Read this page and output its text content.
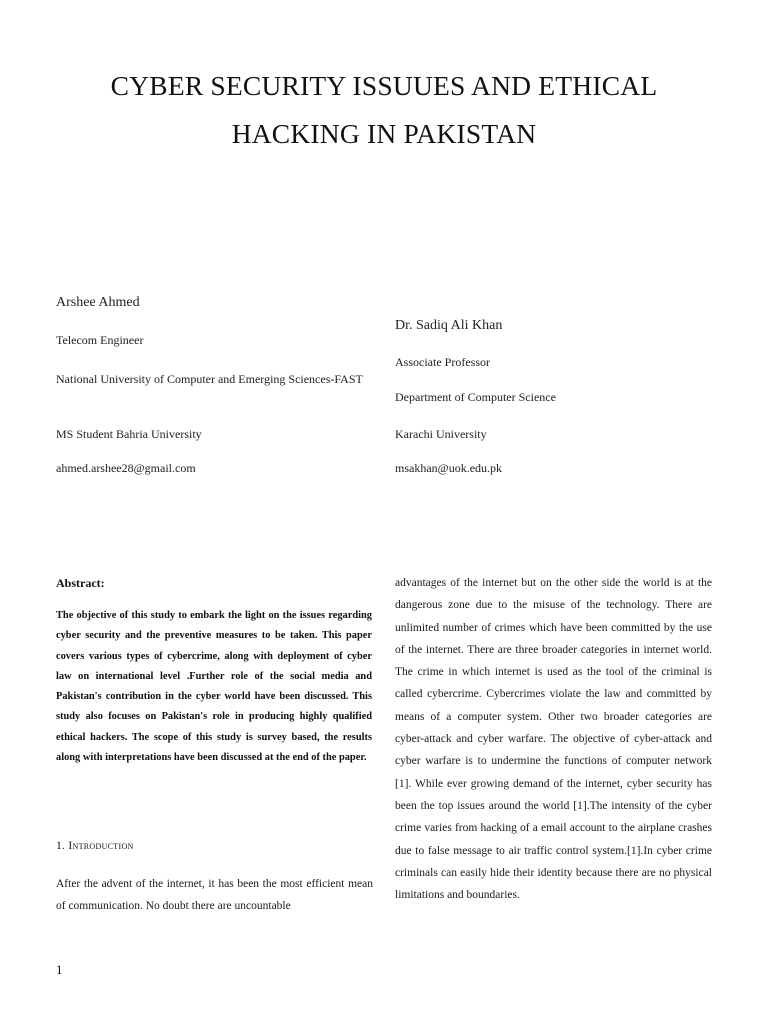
CYBER SECURITY ISSUUES AND ETHICAL
HACKING IN PAKISTAN
Arshee Ahmed
Telecom Engineer
National University of Computer and Emerging Sciences-FAST
MS Student Bahria University
ahmed.arshee28@gmail.com
Dr. Sadiq Ali Khan
Associate Professor
Department of Computer Science
Karachi University
msakhan@uok.edu.pk
Abstract:
The objective of this study to embark the light on the issues regarding cyber security and the preventive measures to be taken. This paper covers various types of cybercrime, along with deployment of cyber law on international level .Further role of the social media and Pakistan's contribution in the cyber world have been discussed. This study also focuses on Pakistan's role in producing highly qualified ethical hackers. The scope of this study is survey based, the results along with interpretations have been discussed at the end of the paper.
1. Introduction
After the advent of the internet, it has been the most efficient mean of communication. No doubt there are uncountable
advantages of the internet but on the other side the world is at the dangerous zone due to the misuse of the technology. There are unlimited number of crimes which have been committed by the use of the internet. There are three broader categories in internet world. The crime in which internet is used as the tool of the criminal is called cybercrime. Cybercrimes violate the law and committed by means of a computer system. Other two broader categories are cyber-attack and cyber warfare. The objective of cyber-attack and cyber warfare is to undermine the functions of computer network [1]. While ever growing demand of the internet, cyber security has been the top issues around the world [1].The intensity of the cyber crime varies from hacking of a email account to the airplane crashes due to false message to air traffic control system.[1].In cyber crime criminals can easily hide their identity because there are no physical limitations and boundaries.
1
